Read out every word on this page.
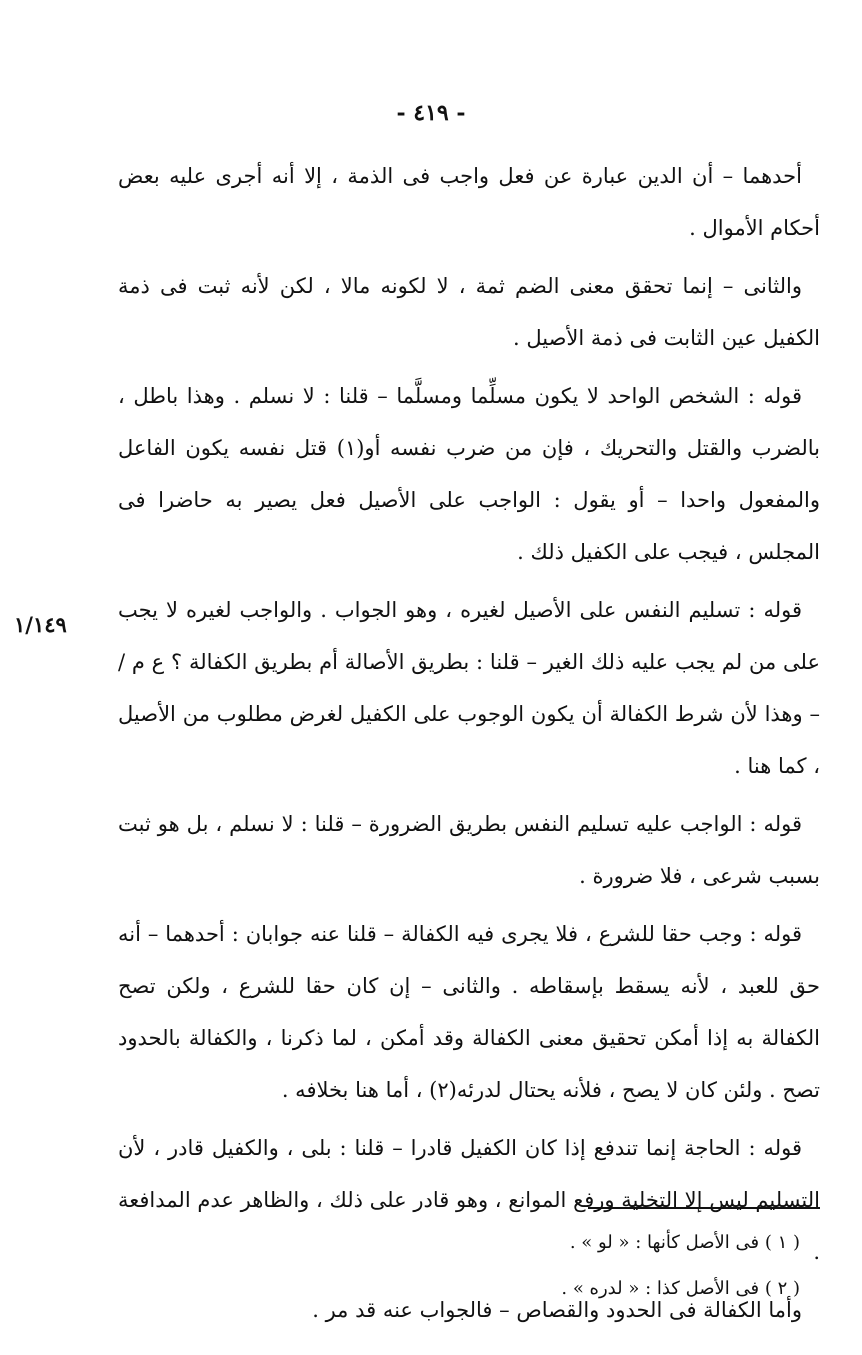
- ٤١٩ -
١/١٤٩

أحدهما – أن الدين عبارة عن فعل واجب فى الذمة ، إلا أنه أجرى عليه بعض أحكام الأموال .

والثانى – إنما تحقق معنى الضم ثمة ، لا لكونه مالا ، لكن لأنه ثبت فى ذمة الكفيل عين الثابت فى ذمة الأصيل .

قوله : الشخص الواحد لا يكون مسلِّما ومسلَّما – قلنا : لا نسلم . وهذا باطل ، بالضرب والقتل والتحريك ، فإن من ضرب نفسه أو(١) قتل نفسه يكون الفاعل والمفعول واحدا – أو يقول : الواجب على الأصيل فعل يصير به حاضرا فى المجلس ، فيجب على الكفيل ذلك .

قوله : تسليم النفس على الأصيل لغيره ، وهو الجواب . والواجب لغيره لا يجب على من لم يجب عليه ذلك الغير – قلنا : بطريق الأصالة أم بطريق الكفالة ؟ ع م / – وهذا لأن شرط الكفالة أن يكون الوجوب على الكفيل لغرض مطلوب من الأصيل ، كما هنا .

قوله : الواجب عليه تسليم النفس بطريق الضرورة – قلنا : لا نسلم ، بل هو ثبت بسبب شرعى ، فلا ضرورة .

قوله : وجب حقا للشرع ، فلا يجرى فيه الكفالة – قلنا عنه جوابان : أحدهما – أنه حق للعبد ، لأنه يسقط بإسقاطه . والثانى – إن كان حقا للشرع ، ولكن تصح الكفالة به إذا أمكن تحقيق معنى الكفالة وقد أمكن ، لما ذكرنا ، والكفالة بالحدود تصح . ولئن كان لا يصح ، فلأنه يحتال لدرئه(٢) ، أما هنا بخلافه .

قوله : الحاجة إنما تندفع إذا كان الكفيل قادرا – قلنا : بلى ، والكفيل قادر ، لأن التسليم ليس إلا التخلية ورفع الموانع ، وهو قادر على ذلك ، والظاهر عدم المدافعة .

وأما الكفالة فى الحدود والقصاص – فالجواب عنه قد مر .

( ١ ) فى الأصل كأنها : « لو » .
( ٢ ) فى الأصل كذا : « لدره » .
